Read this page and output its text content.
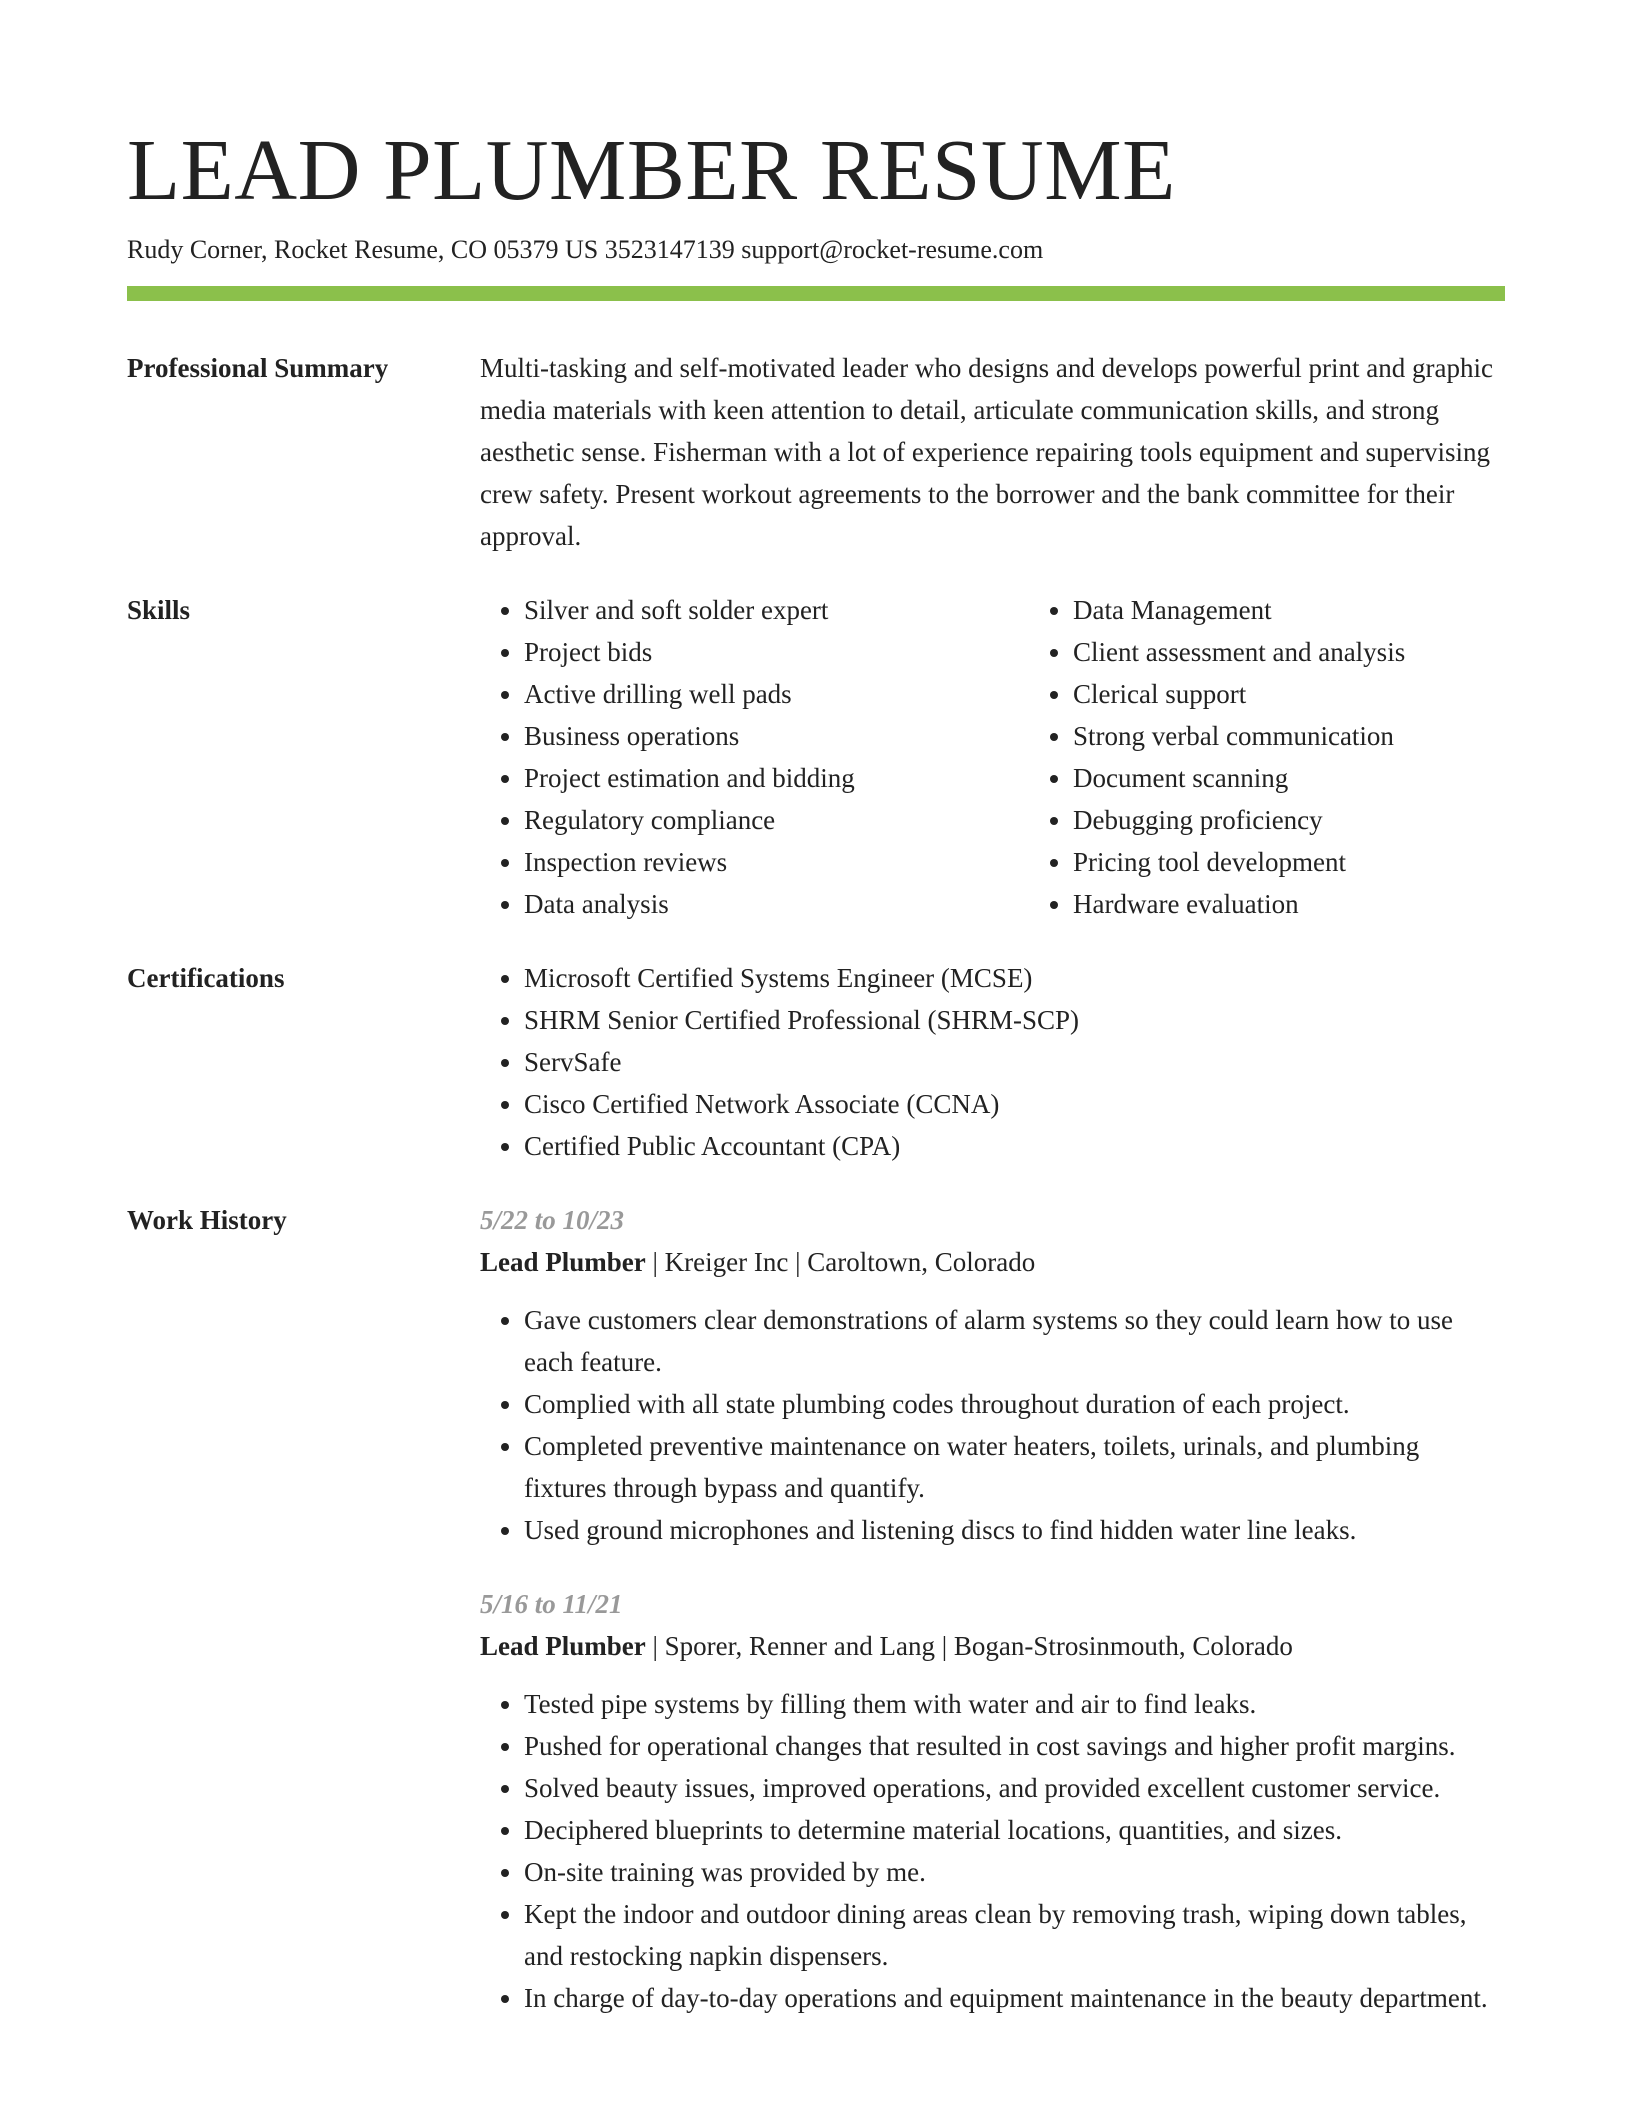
LEAD PLUMBER RESUME
Rudy Corner, Rocket Resume, CO 05379 US 3523147139 support@rocket-resume.com
Professional Summary	Multi-tasking and self-motivated leader who designs and develops powerful print and graphic media materials with keen attention to detail, articulate communication skills, and strong aesthetic sense. Fisherman with a lot of experience repairing tools equipment and supervising crew safety. Present workout agreements to the borrower and the bank committee for their approval.

Skills	• Silver and soft solder expert
• Project bids
• Active drilling well pads
• Business operations
• Project estimation and bidding
• Regulatory compliance
• Inspection reviews
• Data analysis
• Data Management
• Client assessment and analysis
• Clerical support
• Strong verbal communication
• Document scanning
• Debugging proficiency
• Pricing tool development
• Hardware evaluation
Certifications	• Microsoft Certified Systems Engineer (MCSE)
• SHRM Senior Certified Professional (SHRM-SCP)
• ServSafe
• Cisco Certified Network Associate (CCNA)
• Certified Public Accountant (CPA)
Work History	5/22 to 10/23
Lead Plumber | Kreiger Inc | Caroltown, Colorado
• Gave customers clear demonstrations of alarm systems so they could learn how to use each feature.
• Complied with all state plumbing codes throughout duration of each project.
• Completed preventive maintenance on water heaters, toilets, urinals, and plumbing fixtures through bypass and quantify.
• Used ground microphones and listening discs to find hidden water line leaks.
5/16 to 11/21
Lead Plumber | Sporer, Renner and Lang | Bogan-Strosinmouth, Colorado
• Tested pipe systems by filling them with water and air to find leaks.
• Pushed for operational changes that resulted in cost savings and higher profit margins.
• Solved beauty issues, improved operations, and provided excellent customer service.
• Deciphered blueprints to determine material locations, quantities, and sizes.
• On-site training was provided by me.
• Kept the indoor and outdoor dining areas clean by removing trash, wiping down tables, and restocking napkin dispensers.
• In charge of day-to-day operations and equipment maintenance in the beauty department.
